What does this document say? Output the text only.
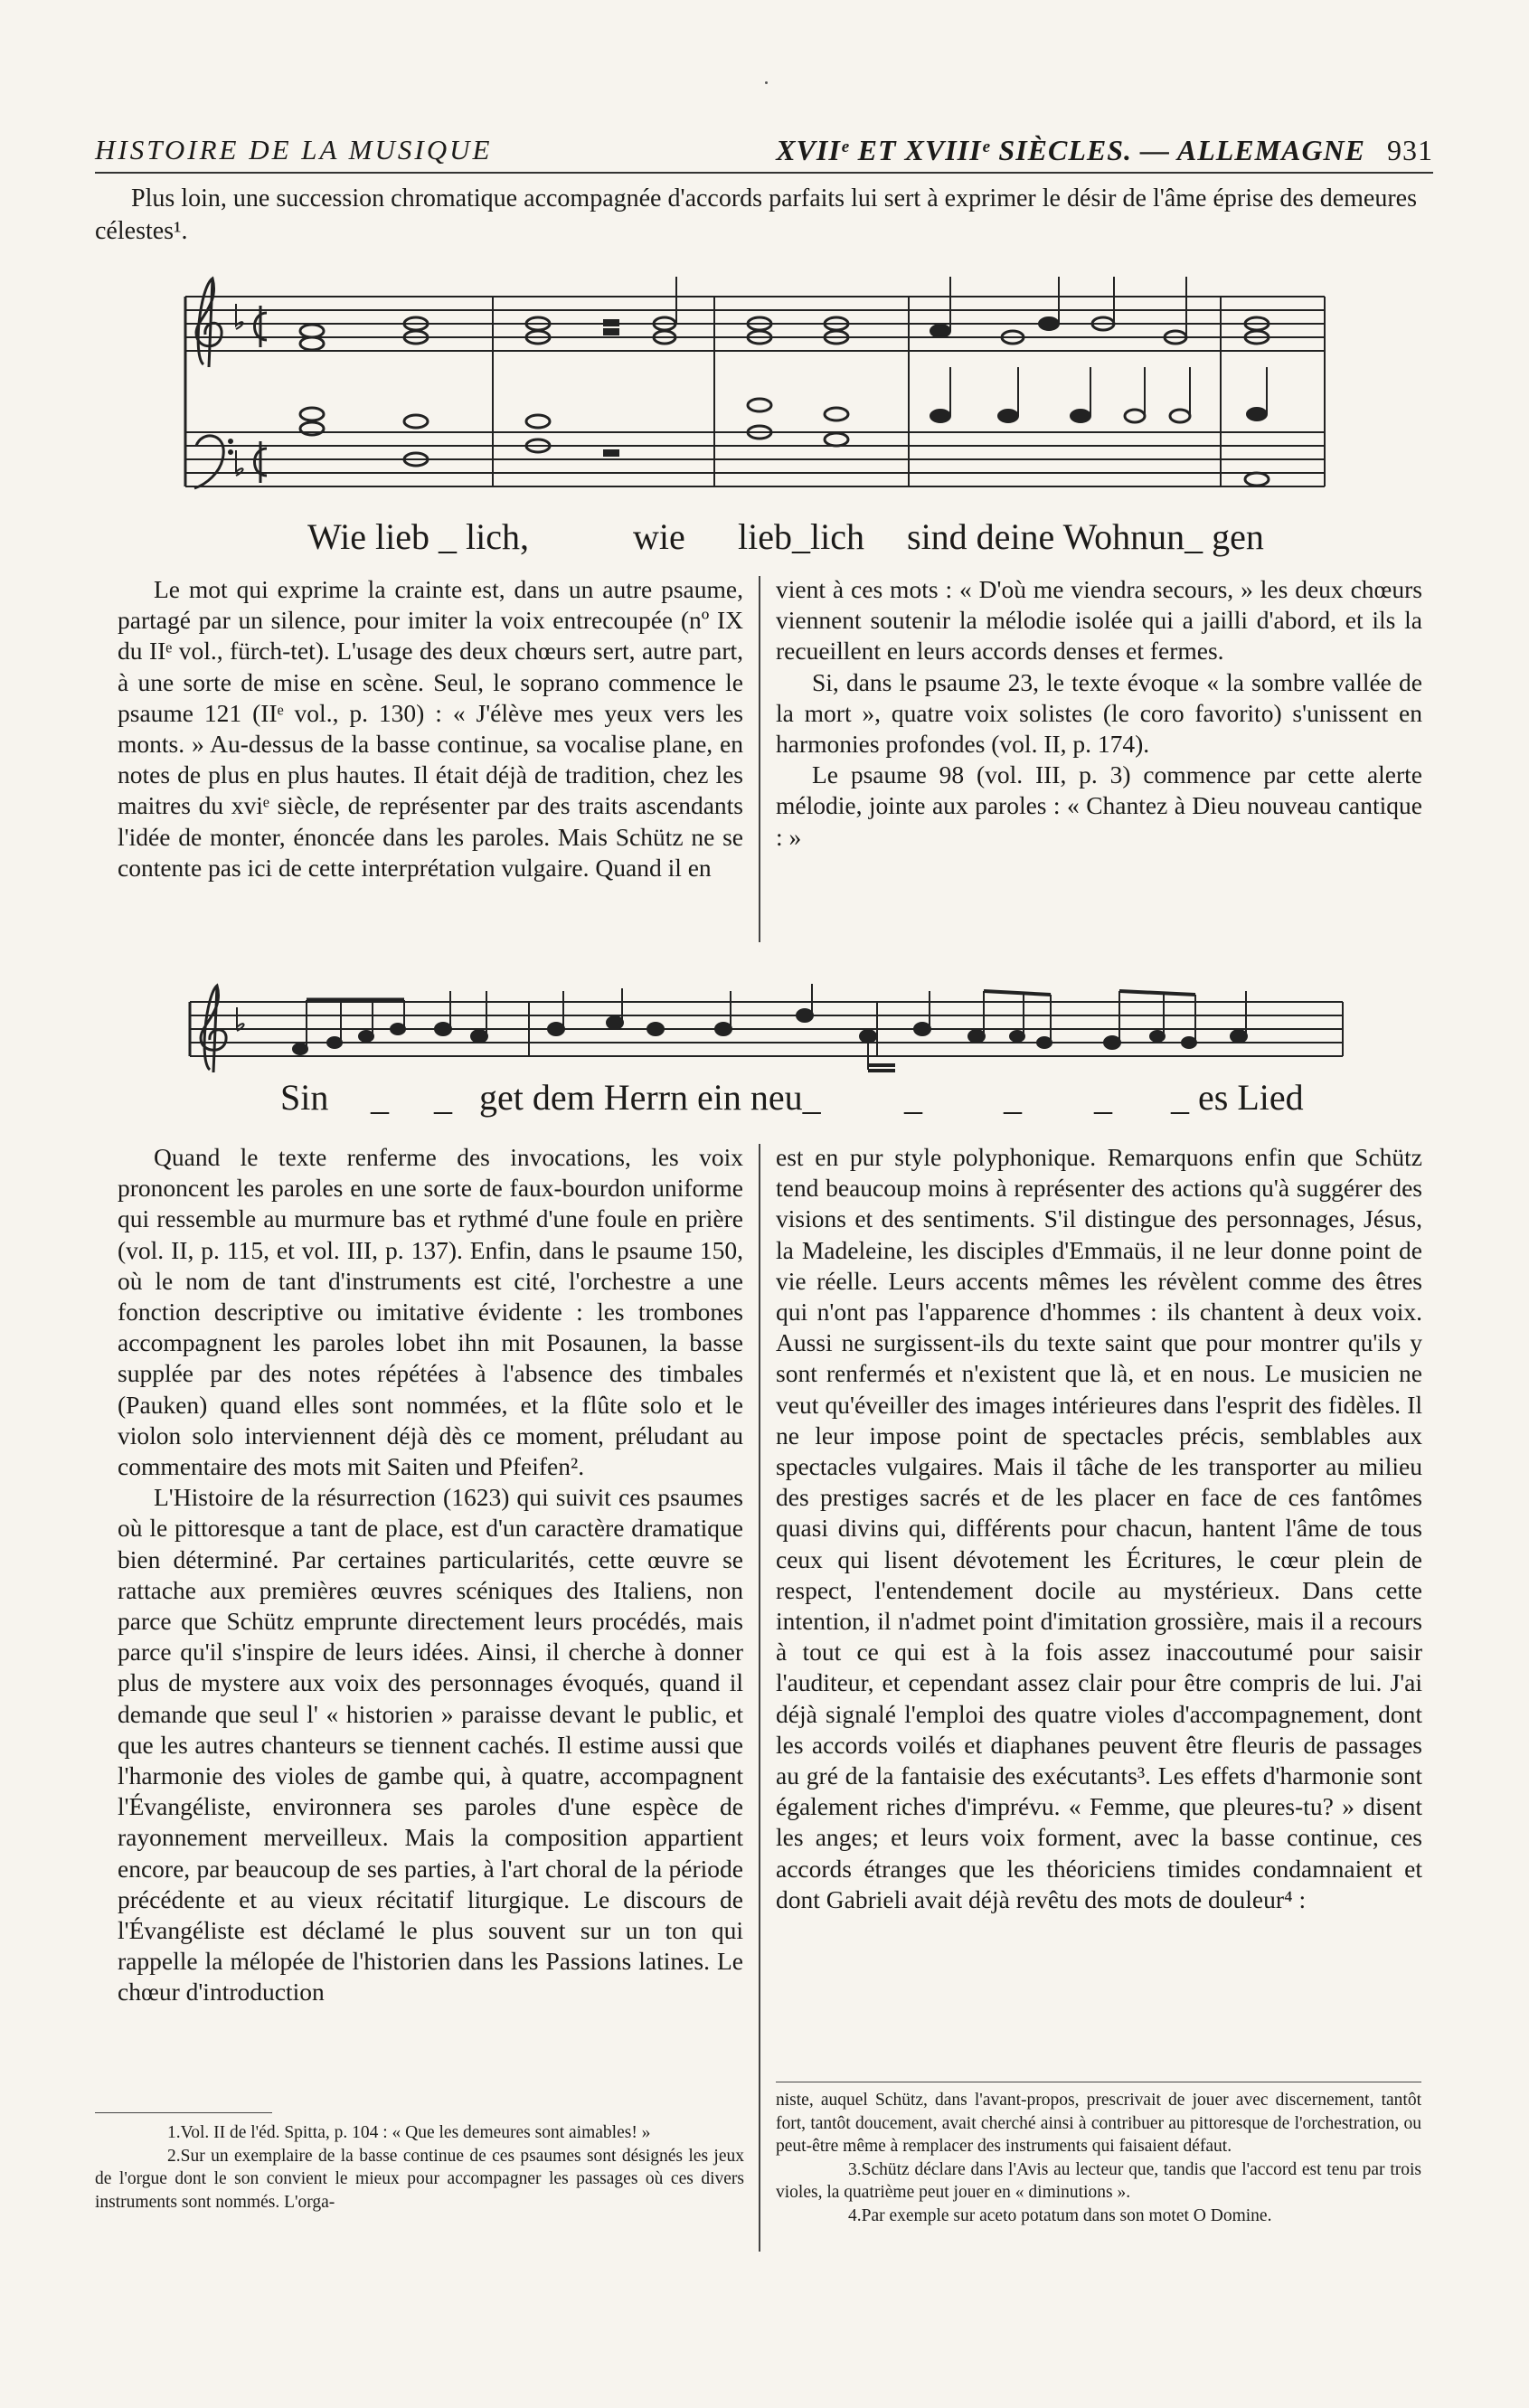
HISTOIRE DE LA MUSIQUE	XVIIᵉ ET XVIIIᵉ SIÈCLES. — ALLEMAGNE 931

Plus loin, une succession chromatique accompagnée d'accords parfaits lui sert à exprimer le désir de l'âme éprise des demeures célestes¹.

Wie lieb _ lich,	wie lieb_lich sind deine Wohnun_ gen

Le mot qui exprime la crainte est, dans un autre psaume, partagé par un silence, pour imiter la voix entrecoupée (nº IX du IIᵉ vol., fürch-tet). L'usage des deux chœurs sert, autre part, à une sorte de mise en scène. Seul, le soprano commence le psaume 121 (IIᵉ vol., p. 130) : « J'élève mes yeux vers les monts. » Au-dessus de la basse continue, sa vocalise plane, en notes de plus en plus hautes. Il était déjà de tradition, chez les maitres du xviᵉ siècle, de représenter par des traits ascendants l'idée de monter, énoncée dans les paroles. Mais Schütz ne se contente pas ici de cette interprétation vulgaire. Quand il en

vient à ces mots : « D'où me viendra secours, » les deux chœurs viennent soutenir la mélodie isolée qui a jailli d'abord, et ils la recueillent en leurs accords denses et fermes.

Si, dans le psaume 23, le texte évoque « la sombre vallée de la mort », quatre voix solistes (le coro favorito) s'unissent en harmonies profondes (vol. II, p. 174).

Le psaume 98 (vol. III, p. 3) commence par cette alerte mélodie, jointe aux paroles : « Chantez à Dieu nouveau cantique : »

Sin _ _ get dem Herrn ein neu_ _ _ _ _ es Lied

Quand le texte renferme des invocations, les voix prononcent les paroles en une sorte de faux-bourdon uniforme qui ressemble au murmure bas et rythmé d'une foule en prière (vol. II, p. 115, et vol. III, p. 137). Enfin, dans le psaume 150, où le nom de tant d'instruments est cité, l'orchestre a une fonction descriptive ou imitative évidente : les trombones accompagnent les paroles lobet ihn mit Posaunen, la basse supplée par des notes répétées à l'absence des timbales (Pauken) quand elles sont nommées, et la flûte solo et le violon solo interviennent déjà dès ce moment, préludant au commentaire des mots mit Saiten und Pfeifen².

L'Histoire de la résurrection (1623) qui suivit ces psaumes où le pittoresque a tant de place, est d'un caractère dramatique bien déterminé. Par certaines particularités, cette œuvre se rattache aux premières œuvres scéniques des Italiens, non parce que Schütz emprunte directement leurs procédés, mais parce qu'il s'inspire de leurs idées. Ainsi, il cherche à donner plus de mystere aux voix des personnages évoqués, quand il demande que seul l' « historien » paraisse devant le public, et que les autres chanteurs se tiennent cachés. Il estime aussi que l'harmonie des violes de gambe qui, à quatre, accompagnent l'Évangéliste, environnera ses paroles d'une espèce de rayonnement merveilleux. Mais la composition appartient encore, par beaucoup de ses parties, à l'art choral de la période précédente et au vieux récitatif liturgique. Le discours de l'Évangéliste est déclamé le plus souvent sur un ton qui rappelle la mélopée de l'historien dans les Passions latines. Le chœur d'introduction

est en pur style polyphonique. Remarquons enfin que Schütz tend beaucoup moins à représenter des actions qu'à suggérer des visions et des sentiments. S'il distingue des personnages, Jésus, la Madeleine, les disciples d'Emmaüs, il ne leur donne point de vie réelle. Leurs accents mêmes les révèlent comme des êtres qui n'ont pas l'apparence d'hommes : ils chantent à deux voix. Aussi ne surgissent-ils du texte saint que pour montrer qu'ils y sont renfermés et n'existent que là, et en nous. Le musicien ne veut qu'éveiller des images intérieures dans l'esprit des fidèles. Il ne leur impose point de spectacles précis, semblables aux spectacles vulgaires. Mais il tâche de les transporter au milieu des prestiges sacrés et de les placer en face de ces fantômes quasi divins qui, différents pour chacun, hantent l'âme de tous ceux qui lisent dévotement les Écritures, le cœur plein de respect, l'entendement docile au mystérieux. Dans cette intention, il n'admet point d'imitation grossière, mais il a recours à tout ce qui est à la fois assez inaccoutumé pour saisir l'auditeur, et cependant assez clair pour être compris de lui. J'ai déjà signalé l'emploi des quatre violes d'accompagnement, dont les accords voilés et diaphanes peuvent être fleuris de passages au gré de la fantaisie des exécutants³. Les effets d'harmonie sont également riches d'imprévu. « Femme, que pleures-tu? » disent les anges; et leurs voix forment, avec la basse continue, ces accords étranges que les théoriciens timides condamnaient et dont Gabrieli avait déjà revêtu des mots de douleur⁴ :

1.Vol. II de l'éd. Spitta, p. 104 : « Que les demeures sont aimables! »

2.Sur un exemplaire de la basse continue de ces psaumes sont désignés les jeux de l'orgue dont le son convient le mieux pour accompagner les passages où ces divers instruments sont nommés. L'orga-

niste, auquel Schütz, dans l'avant-propos, prescrivait de jouer avec discernement, tantôt fort, tantôt doucement, avait cherché ainsi à contribuer au pittoresque de l'orchestration, ou peut-être même à remplacer des instruments qui faisaient défaut.

3.Schütz déclare dans l'Avis au lecteur que, tandis que l'accord est tenu par trois violes, la quatrième peut jouer en « diminutions ».

4.Par exemple sur aceto potatum dans son motet O Domine.
